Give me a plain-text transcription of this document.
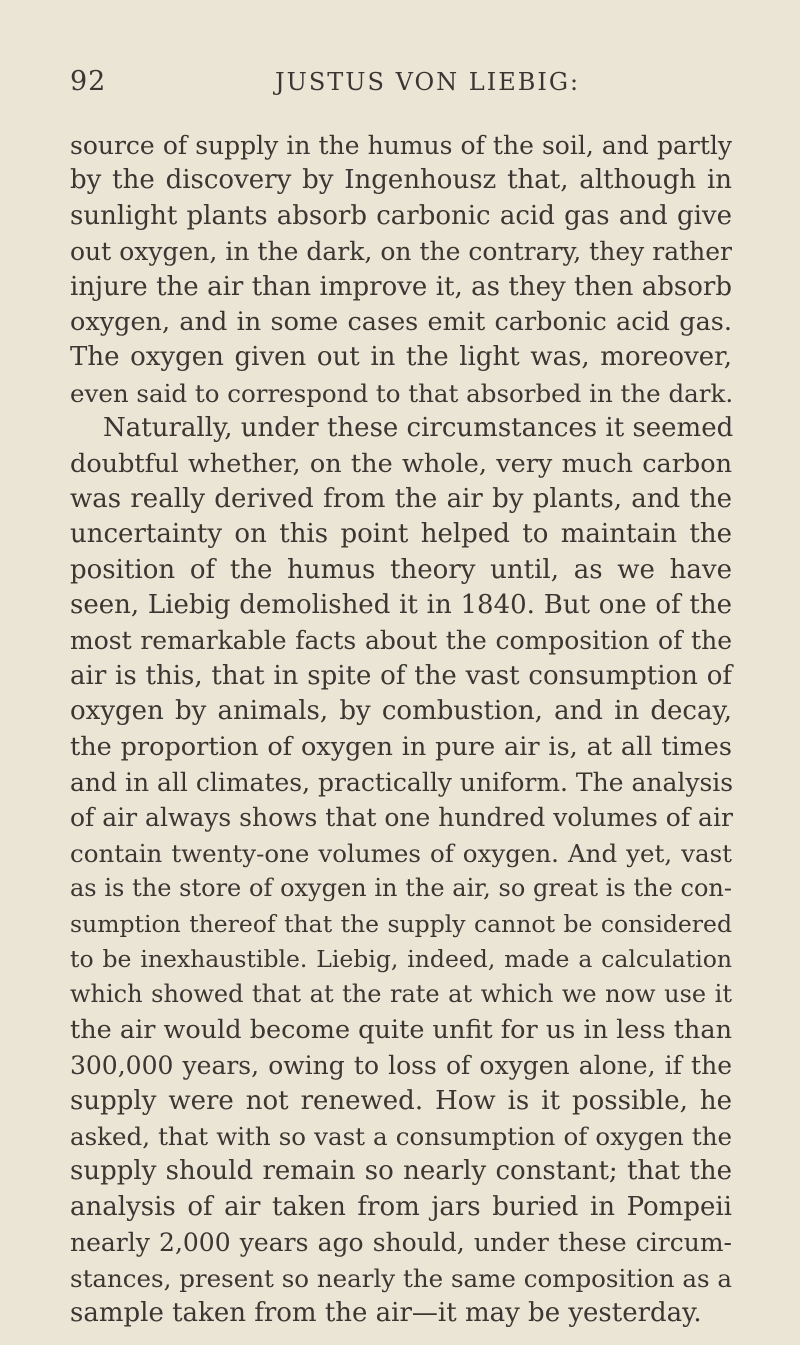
92	JUSTUS VON LIEBIG:
source of supply in the humus of the soil, and partly
by the discovery by Ingenhousz that, although in
sunlight plants absorb carbonic acid gas and give
out oxygen, in the dark, on the contrary, they rather
injure the air than improve it, as they then absorb
oxygen, and in some cases emit carbonic acid gas.
The oxygen given out in the light was, moreover,
even said to correspond to that absorbed in the dark.
Naturally, under these circumstances it seemed
doubtful whether, on the whole, very much carbon
was really derived from the air by plants, and the
uncertainty on this point helped to maintain the
position of the humus theory until, as we have
seen, Liebig demolished it in 1840. But one of the
most remarkable facts about the composition of the
air is this, that in spite of the vast consumption of
oxygen by animals, by combustion, and in decay,
the proportion of oxygen in pure air is, at all times
and in all climates, practically uniform. The analysis
of air always shows that one hundred volumes of air
contain twenty-one volumes of oxygen. And yet, vast
as is the store of oxygen in the air, so great is the con-
sumption thereof that the supply cannot be considered
to be inexhaustible. Liebig, indeed, made a calculation
which showed that at the rate at which we now use it
the air would become quite unfit for us in less than
300,000 years, owing to loss of oxygen alone, if the
supply were not renewed. How is it possible, he
asked, that with so vast a consumption of oxygen the
supply should remain so nearly constant; that the
analysis of air taken from jars buried in Pompeii
nearly 2,000 years ago should, under these circum-
stances, present so nearly the same composition as a
sample taken from the air—it may be yesterday.
